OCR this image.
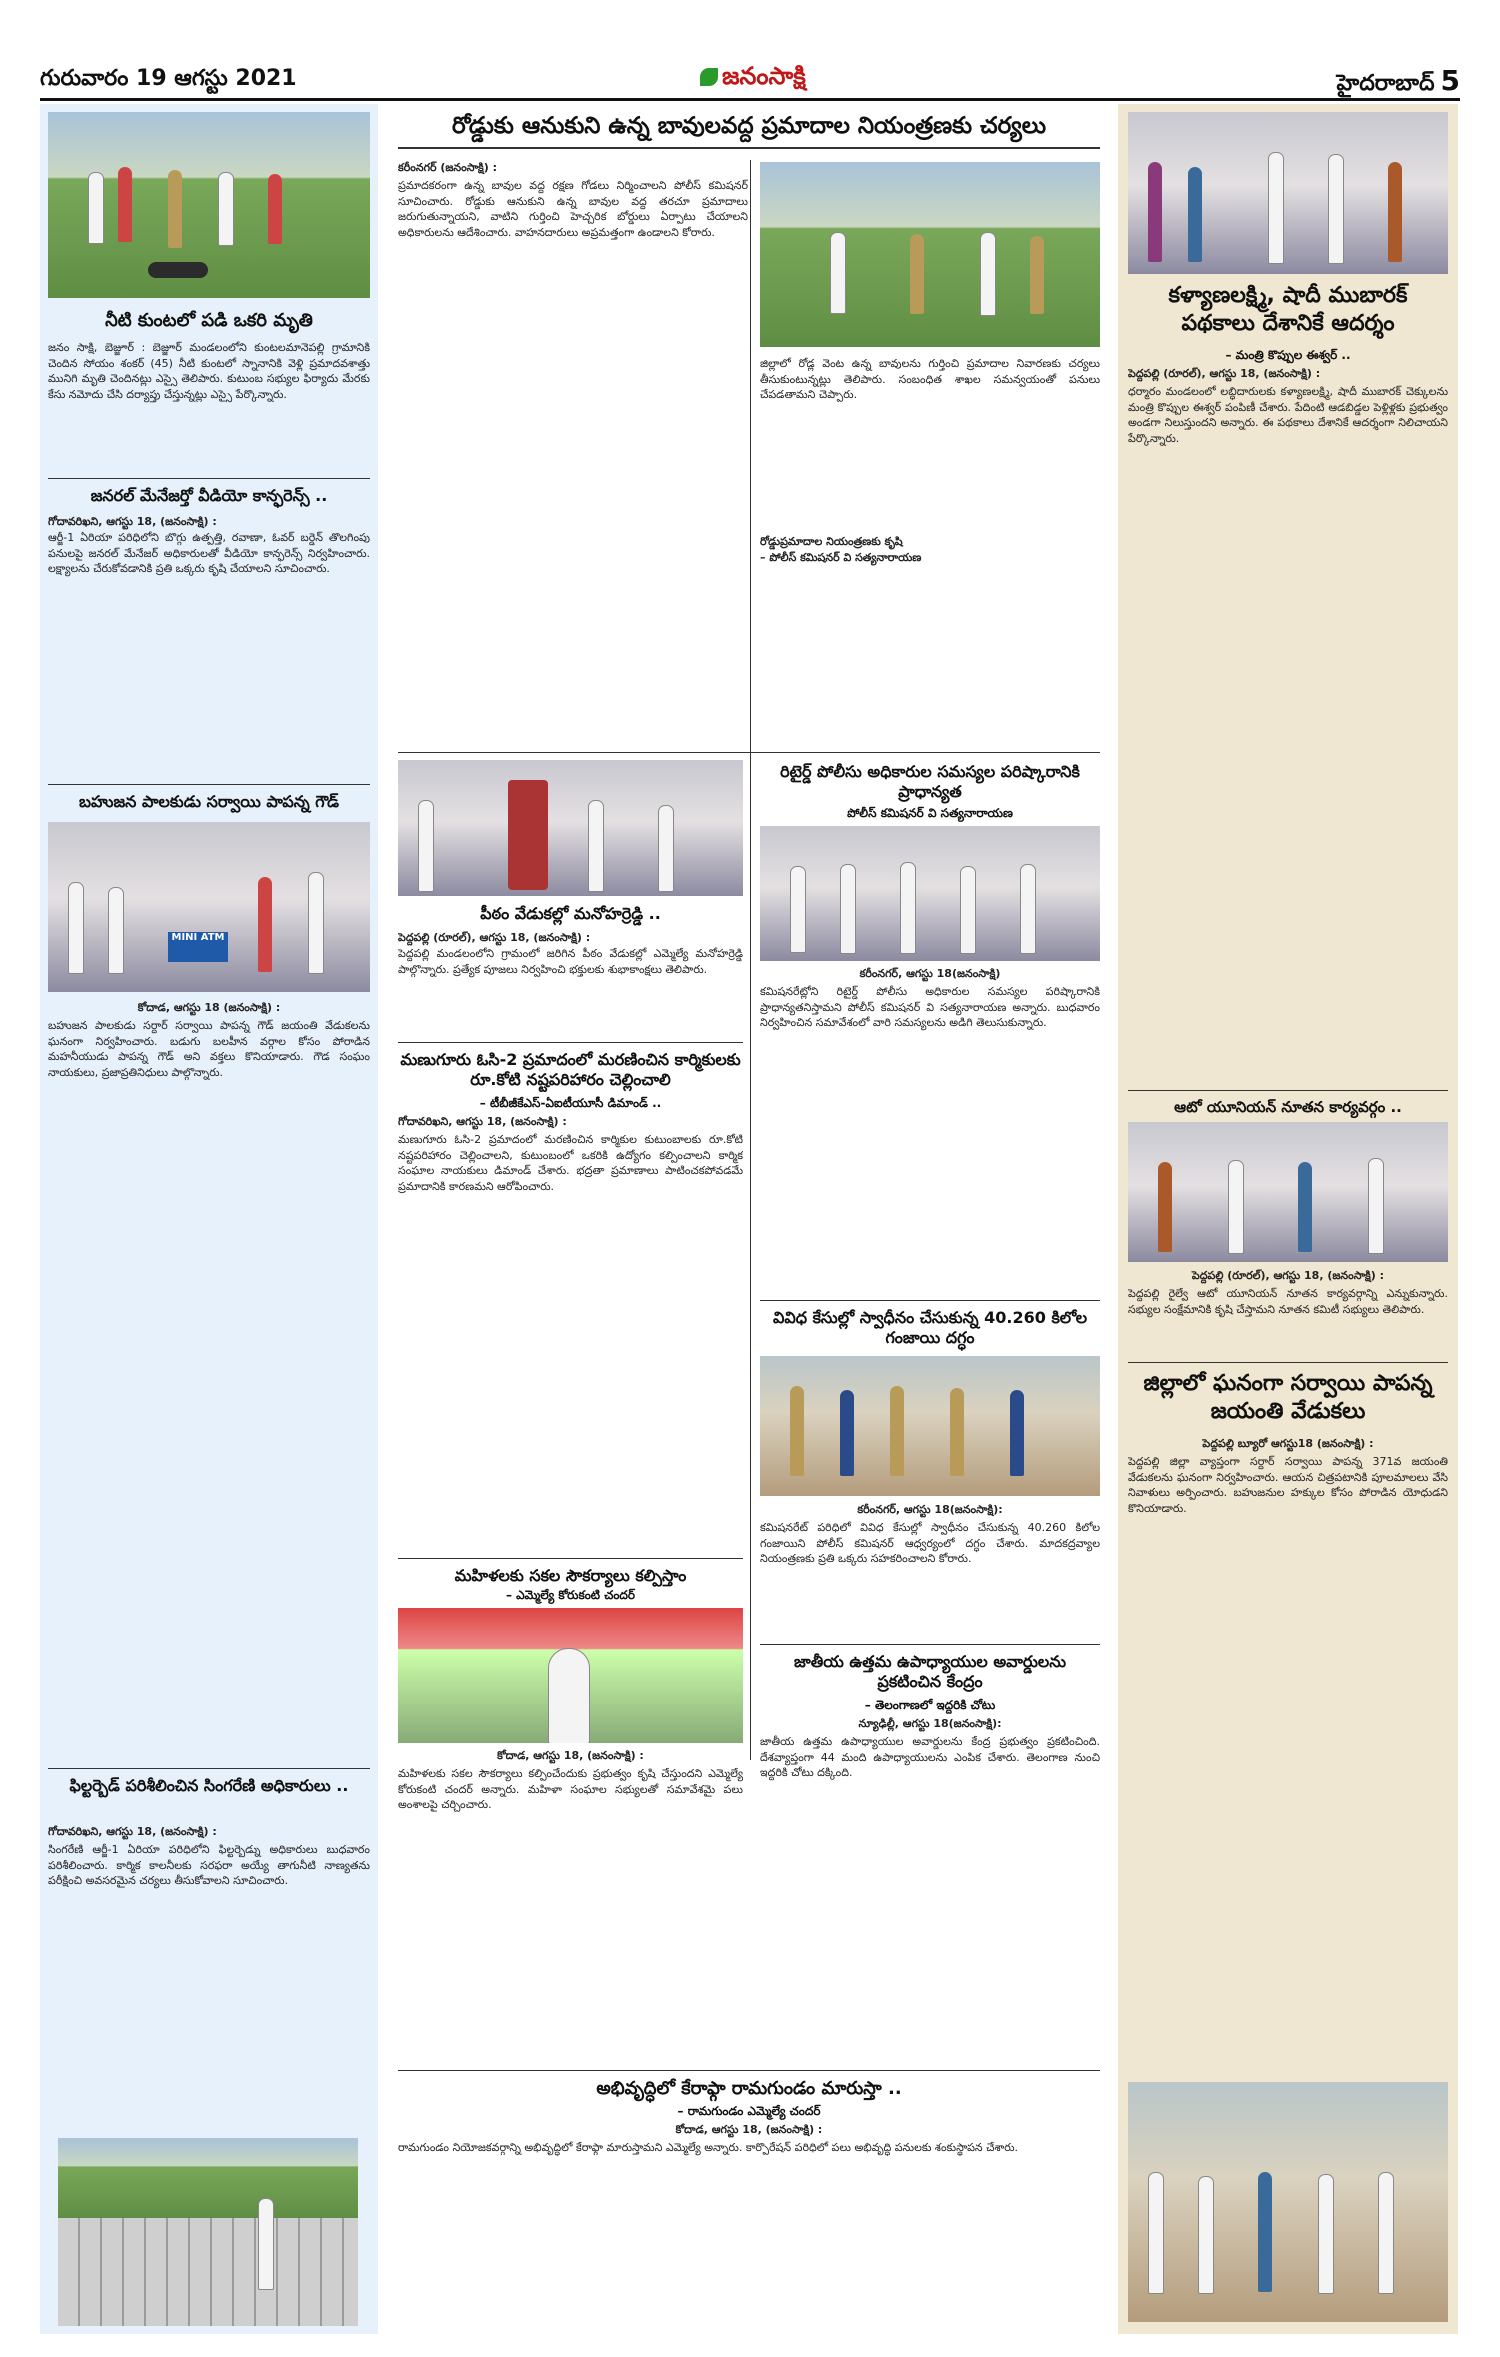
గురువారం 19 ఆగస్టు 2021	జనంసాక్షి	హైదరాబాద్ 5
నీటి కుంటలో పడి ఒకరి మృతి
జనం సాక్షి, బెజ్జూర్ : బెజ్జూర్ మండలంలోని కుంటలమానెపల్లి గ్రామానికి చెందిన సోయం శంకర్ (45) నీటి కుంటలో స్నానానికి వెళ్లి ప్రమాదవశాత్తు మునిగి మృతి చెందినట్లు ఎస్సై తెలిపారు. కుటుంబ సభ్యుల ఫిర్యాదు మేరకు కేసు నమోదు చేసి దర్యాప్తు చేస్తున్నట్లు ఎస్సై పేర్కొన్నారు.
జనరల్ మేనేజర్తో వీడియో కాన్ఫరెన్స్ ..
గోదావరిఖని, ఆగస్టు 18, (జనంసాక్షి) :
ఆర్జీ-1 ఏరియా పరిధిలోని బొగ్గు ఉత్పత్తి, రవాణా, ఓవర్ బర్డెన్ తొలగింపు పనులపై జనరల్ మేనేజర్ అధికారులతో వీడియో కాన్ఫరెన్స్ నిర్వహించారు. లక్ష్యాలను చేరుకోవడానికి ప్రతి ఒక్కరు కృషి చేయాలని సూచించారు.
బహుజన పాలకుడు సర్వాయి పాపన్న గౌడ్
MINI ATM
కోదాడ, ఆగస్టు 18 (జనంసాక్షి) :
బహుజన పాలకుడు సర్దార్ సర్వాయి పాపన్న గౌడ్ జయంతి వేడుకలను ఘనంగా నిర్వహించారు. బడుగు బలహీన వర్గాల కోసం పోరాడిన మహనీయుడు పాపన్న గౌడ్ అని వక్తలు కొనియాడారు. గౌడ సంఘం నాయకులు, ప్రజాప్రతినిధులు పాల్గొన్నారు.
ఫిల్టర్బెడ్ పరిశీలించిన సింగరేణి అధికారులు ..
గోదావరిఖని, ఆగస్టు 18, (జనంసాక్షి) :
సింగరేణి ఆర్జీ-1 ఏరియా పరిధిలోని ఫిల్టర్బెడ్ను అధికారులు బుధవారం పరిశీలించారు. కార్మిక కాలనీలకు సరఫరా అయ్యే తాగునీటి నాణ్యతను పరీక్షించి అవసరమైన చర్యలు తీసుకోవాలని సూచించారు.
రోడ్డుకు ఆనుకుని ఉన్న బావులవద్ద ప్రమాదాల నియంత్రణకు చర్యలు
కరీంనగర్ (జనంసాక్షి) :
ప్రమాదకరంగా ఉన్న బావుల వద్ద రక్షణ గోడలు నిర్మించాలని పోలీస్ కమిషనర్ సూచించారు. రోడ్డుకు ఆనుకుని ఉన్న బావుల వద్ద తరచూ ప్రమాదాలు జరుగుతున్నాయని, వాటిని గుర్తించి హెచ్చరిక బోర్డులు ఏర్పాటు చేయాలని అధికారులను ఆదేశించారు. వాహనదారులు అప్రమత్తంగా ఉండాలని కోరారు.
జిల్లాలో రోడ్ల వెంట ఉన్న బావులను గుర్తించి ప్రమాదాల నివారణకు చర్యలు తీసుకుంటున్నట్లు తెలిపారు. సంబంధిత శాఖల సమన్వయంతో పనులు చేపడతామని చెప్పారు.
రోడ్డుప్రమాదాల నియంత్రణకు కృషి
– పోలీస్ కమిషనర్ వి సత్యనారాయణ
పీఠం వేడుకల్లో మనోహర్రెడ్డి ..
పెద్దపల్లి (రూరల్), ఆగస్టు 18, (జనంసాక్షి) :
పెద్దపల్లి మండలంలోని గ్రామంలో జరిగిన పీఠం వేడుకల్లో ఎమ్మెల్యే మనోహర్రెడ్డి పాల్గొన్నారు. ప్రత్యేక పూజలు నిర్వహించి భక్తులకు శుభాకాంక్షలు తెలిపారు.
రిటైర్డ్ పోలీసు అధికారుల సమస్యల పరిష్కారానికి ప్రాధాన్యత
పోలీస్ కమిషనర్ వి సత్యనారాయణ
కరీంనగర్, ఆగస్టు 18(జనంసాక్షి)
కమిషనరేట్లోని రిటైర్డ్ పోలీసు అధికారుల సమస్యల పరిష్కారానికి ప్రాధాన్యతనిస్తామని పోలీస్ కమిషనర్ వి సత్యనారాయణ అన్నారు. బుధవారం నిర్వహించిన సమావేశంలో వారి సమస్యలను అడిగి తెలుసుకున్నారు.
మణుగూరు ఓసి-2 ప్రమాదంలో మరణించిన కార్మికులకు రూ.కోటి నష్టపరిహారం చెల్లించాలి
– టీబీజీకేఎస్-ఏఐటీయూసీ డిమాండ్ ..
గోదావరిఖని, ఆగస్టు 18, (జనంసాక్షి) :
మణుగూరు ఓసి-2 ప్రమాదంలో మరణించిన కార్మికుల కుటుంబాలకు రూ.కోటి నష్టపరిహారం చెల్లించాలని, కుటుంబంలో ఒకరికి ఉద్యోగం కల్పించాలని కార్మిక సంఘాల నాయకులు డిమాండ్ చేశారు. భద్రతా ప్రమాణాలు పాటించకపోవడమే ప్రమాదానికి కారణమని ఆరోపించారు.
వివిధ కేసుల్లో స్వాధీనం చేసుకున్న 40.260 కిలోల గంజాయి దగ్ధం
కరీంనగర్, ఆగస్టు 18(జనంసాక్షి):
కమిషనరేట్ పరిధిలో వివిధ కేసుల్లో స్వాధీనం చేసుకున్న 40.260 కిలోల గంజాయిని పోలీస్ కమిషనర్ ఆధ్వర్యంలో దగ్ధం చేశారు. మాదకద్రవ్యాల నియంత్రణకు ప్రతి ఒక్కరు సహకరించాలని కోరారు.
మహిళలకు సకల సౌకర్యాలు కల్పిస్తాం
– ఎమ్మెల్యే కోరుకంటి చందర్
కోదాడ, ఆగస్టు 18, (జనంసాక్షి) :
మహిళలకు సకల సౌకర్యాలు కల్పించేందుకు ప్రభుత్వం కృషి చేస్తుందని ఎమ్మెల్యే కోరుకంటి చందర్ అన్నారు. మహిళా సంఘాల సభ్యులతో సమావేశమై పలు అంశాలపై చర్చించారు.
జాతీయ ఉత్తమ ఉపాధ్యాయుల అవార్డులను ప్రకటించిన కేంద్రం
– తెలంగాణలో ఇద్దరికి చోటు
న్యూఢిల్లీ, ఆగస్టు 18(జనంసాక్షి):
జాతీయ ఉత్తమ ఉపాధ్యాయుల అవార్డులను కేంద్ర ప్రభుత్వం ప్రకటించింది. దేశవ్యాప్తంగా 44 మంది ఉపాధ్యాయులను ఎంపిక చేశారు. తెలంగాణ నుంచి ఇద్దరికి చోటు దక్కింది.
అభివృద్ధిలో కేరాఫ్గా రామగుండం మారుస్తా ..
– రామగుండం ఎమ్మెల్యే చందర్
కోదాడ, ఆగస్టు 18, (జనంసాక్షి) :
రామగుండం నియోజకవర్గాన్ని అభివృద్ధిలో కేరాఫ్గా మారుస్తామని ఎమ్మెల్యే అన్నారు. కార్పొరేషన్ పరిధిలో పలు అభివృద్ధి పనులకు శంకుస్థాపన చేశారు.
కళ్యాణలక్ష్మి, షాదీ ముబారక్ పథకాలు దేశానికే ఆదర్శం
– మంత్రి కొప్పుల ఈశ్వర్ ..
పెద్దపల్లి (రూరల్), ఆగస్టు 18, (జనంసాక్షి) :
ధర్మారం మండలంలో లబ్ధిదారులకు కళ్యాణలక్ష్మి, షాదీ ముబారక్ చెక్కులను మంత్రి కొప్పుల ఈశ్వర్ పంపిణీ చేశారు. పేదింటి ఆడబిడ్డల పెళ్లిళ్లకు ప్రభుత్వం అండగా నిలుస్తుందని అన్నారు. ఈ పథకాలు దేశానికే ఆదర్శంగా నిలిచాయని పేర్కొన్నారు.
ఆటో యూనియన్ నూతన కార్యవర్గం ..
పెద్దపల్లి (రూరల్), ఆగస్టు 18, (జనంసాక్షి) :
పెద్దపల్లి రైల్వే ఆటో యూనియన్ నూతన కార్యవర్గాన్ని ఎన్నుకున్నారు. సభ్యుల సంక్షేమానికి కృషి చేస్తామని నూతన కమిటీ సభ్యులు తెలిపారు.
జిల్లాలో ఘనంగా సర్వాయి పాపన్న జయంతి వేడుకలు
పెద్దపల్లి బ్యూరో ఆగస్టు18 (జనంసాక్షి) :
పెద్దపల్లి జిల్లా వ్యాప్తంగా సర్దార్ సర్వాయి పాపన్న 371వ జయంతి వేడుకలను ఘనంగా నిర్వహించారు. ఆయన చిత్రపటానికి పూలమాలలు వేసి నివాళులు అర్పించారు. బహుజనుల హక్కుల కోసం పోరాడిన యోధుడని కొనియాడారు.
